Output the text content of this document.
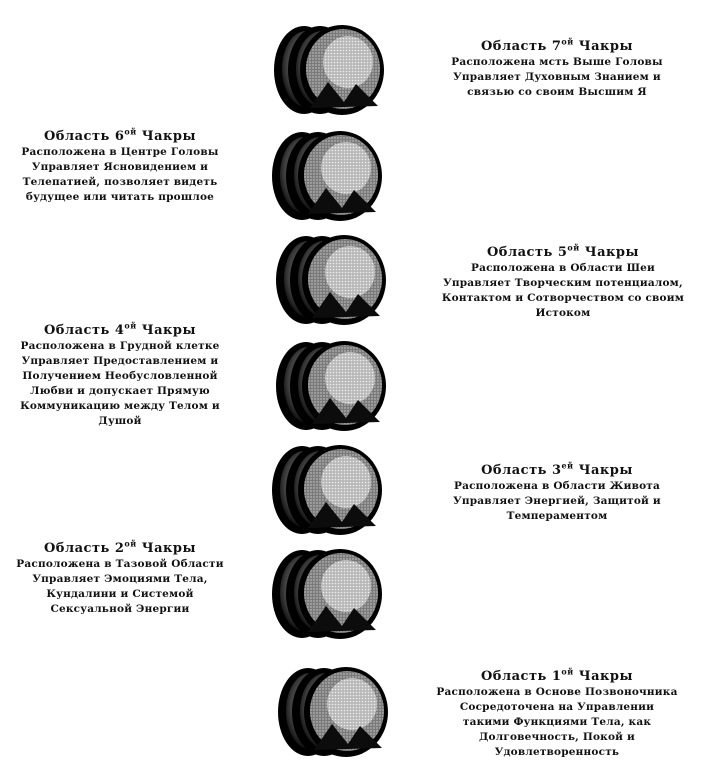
Область $7^{ой}$ Чакры
Расположена мсть Выше Головы
Управляет Духовным Знанием и
связью со своим Высшим Я
Область $6^{ой}$ Чакры
Расположена в Центре Головы
Управляет Ясновидением и
Телепатией, позволяет видеть
будущее или читать прошлое
Область $5^{ой}$ Чакры
Расположена в Области Шеи
Управляет Творческим потенциалом,
Контактом и Сотворчеством со своим
Истоком
Область $4^{ой}$ Чакры
Расположена в Грудной клетке
Управляет Предоставлением и
Получением Необусловленной
Любви и допускает Прямую
Коммуникацию между Телом и
Душой
Область $3^{ей}$ Чакры
Расположена в Области Живота
Управляет Энергией, Защитой и
Темпераментом
Область $2^{ой}$ Чакры
Расположена в Тазовой Области
Управляет Эмоциями Тела,
Кундалини и Системой
Сексуальной Энергии
Область $1^{ой}$ Чакры
Расположена в Основе Позвоночника
Сосредоточена на Управлении
такими Функциями Тела, как
Долговечность, Покой и
Удовлетворенность
